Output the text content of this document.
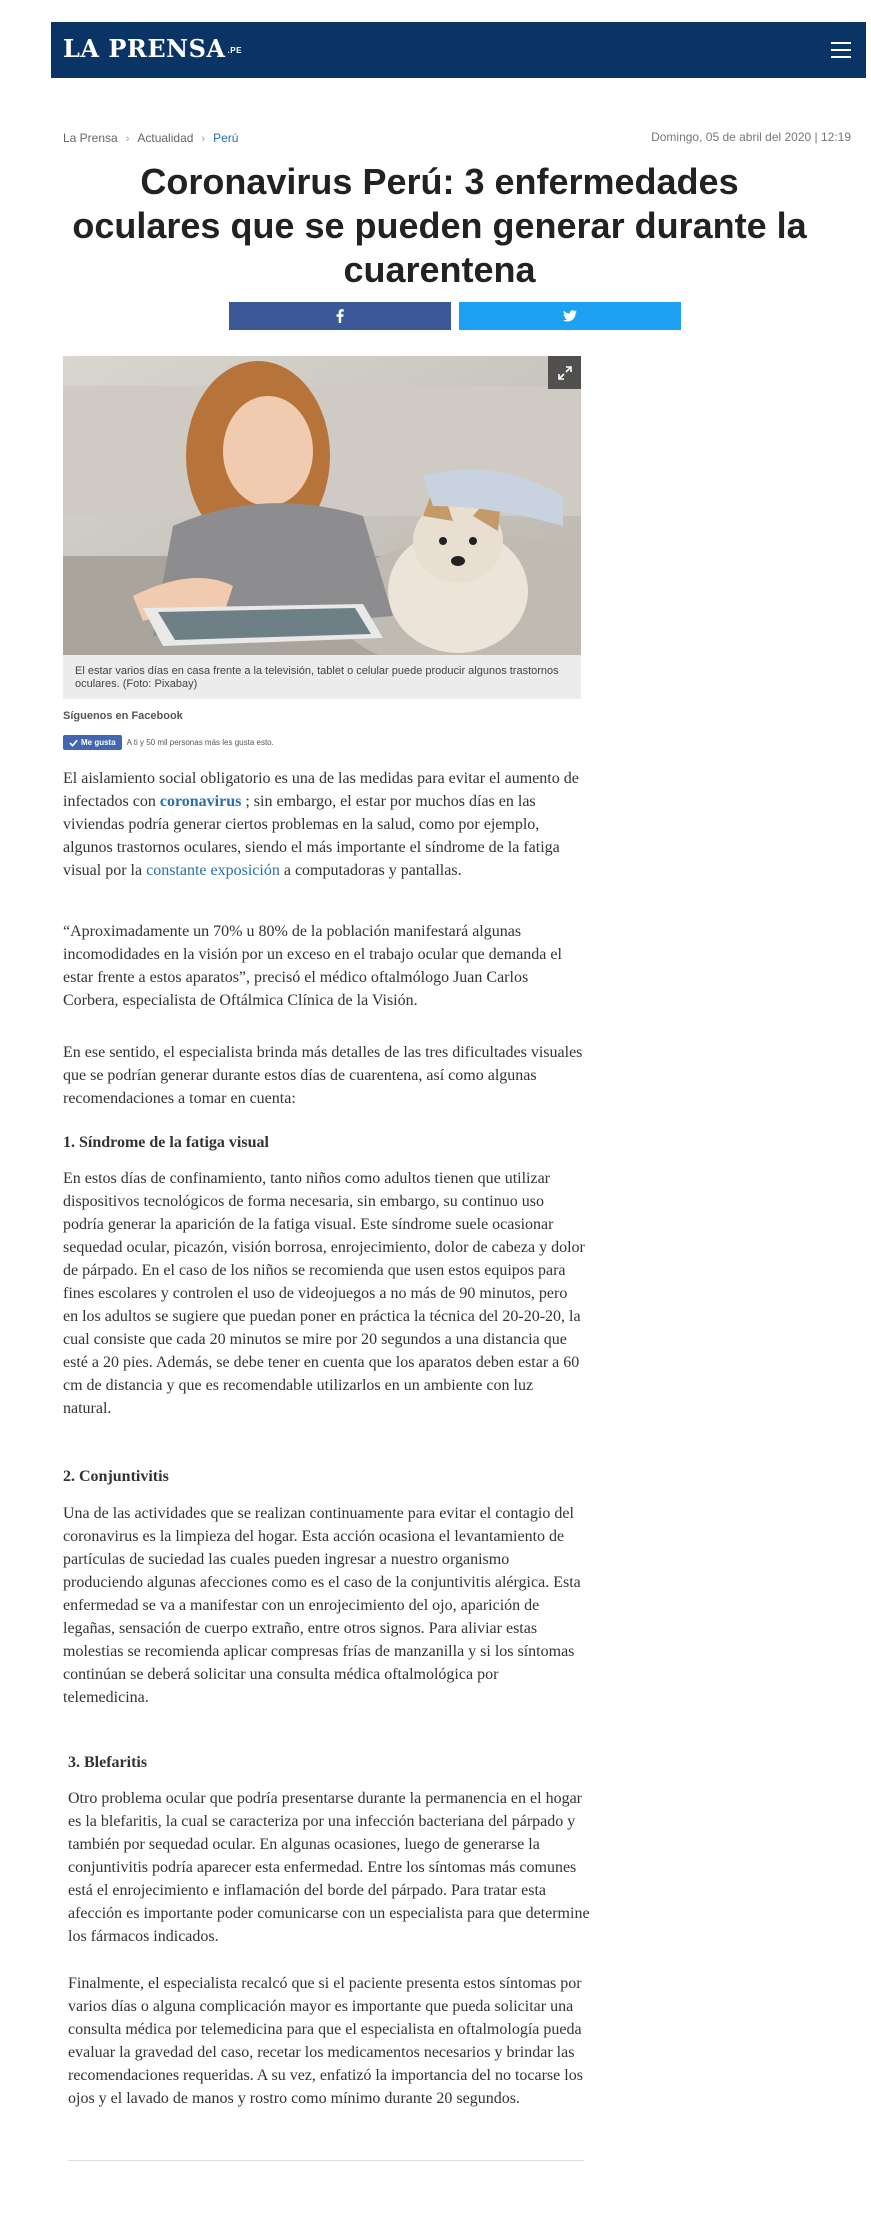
LA PRENSA .PE
La Prensa › Actualidad › Perú	Domingo, 05 de abril del 2020 | 12:19
Coronavirus Perú: 3 enfermedades oculares que se pueden generar durante la cuarentena
El estar varios días en casa frente a la televisión, tablet o celular puede producir algunos trastornos oculares. (Foto: Pixabay)
Síguenos en Facebook
Me gusta A ti y 50 mil personas más les gusta esto.

El aislamiento social obligatorio es una de las medidas para evitar el aumento de infectados con coronavirus ; sin embargo, el estar por muchos días en las viviendas podría generar ciertos problemas en la salud, como por ejemplo, algunos trastornos oculares, siendo el más importante el síndrome de la fatiga visual por la constante exposición a computadoras y pantallas.

“Aproximadamente un 70% u 80% de la población manifestará algunas incomodidades en la visión por un exceso en el trabajo ocular que demanda el estar frente a estos aparatos”, precisó el médico oftalmólogo Juan Carlos Corbera, especialista de Oftálmica Clínica de la Visión.

En ese sentido, el especialista brinda más detalles de las tres dificultades visuales que se podrían generar durante estos días de cuarentena, así como algunas recomendaciones a tomar en cuenta:

1. Síndrome de la fatiga visual

En estos días de confinamiento, tanto niños como adultos tienen que utilizar dispositivos tecnológicos de forma necesaria, sin embargo, su continuo uso podría generar la aparición de la fatiga visual. Este síndrome suele ocasionar sequedad ocular, picazón, visión borrosa, enrojecimiento, dolor de cabeza y dolor de párpado. En el caso de los niños se recomienda que usen estos equipos para fines escolares y controlen el uso de videojuegos a no más de 90 minutos, pero en los adultos se sugiere que puedan poner en práctica la técnica del 20-20-20, la cual consiste que cada 20 minutos se mire por 20 segundos a una distancia que esté a 20 pies. Además, se debe tener en cuenta que los aparatos deben estar a 60 cm de distancia y que es recomendable utilizarlos en un ambiente con luz natural.

2. Conjuntivitis

Una de las actividades que se realizan continuamente para evitar el contagio del coronavirus es la limpieza del hogar. Esta acción ocasiona el levantamiento de partículas de suciedad las cuales pueden ingresar a nuestro organismo produciendo algunas afecciones como es el caso de la conjuntivitis alérgica. Esta enfermedad se va a manifestar con un enrojecimiento del ojo, aparición de legañas, sensación de cuerpo extraño, entre otros signos. Para aliviar estas molestias se recomienda aplicar compresas frías de manzanilla y si los síntomas continúan se deberá solicitar una consulta médica oftalmológica por telemedicina.

3. Blefaritis

Otro problema ocular que podría presentarse durante la permanencia en el hogar es la blefaritis, la cual se caracteriza por una infección bacteriana del párpado y también por sequedad ocular. En algunas ocasiones, luego de generarse la conjuntivitis podría aparecer esta enfermedad. Entre los síntomas más comunes está el enrojecimiento e inflamación del borde del párpado. Para tratar esta afección es importante poder comunicarse con un especialista para que determine los fármacos indicados.

Finalmente, el especialista recalcó que si el paciente presenta estos síntomas por varios días o alguna complicación mayor es importante que pueda solicitar una consulta médica por telemedicina para que el especialista en oftalmología pueda evaluar la gravedad del caso, recetar los medicamentos necesarios y brindar las recomendaciones requeridas. A su vez, enfatizó la importancia del no tocarse los ojos y el lavado de manos y rostro como mínimo durante 20 segundos.
